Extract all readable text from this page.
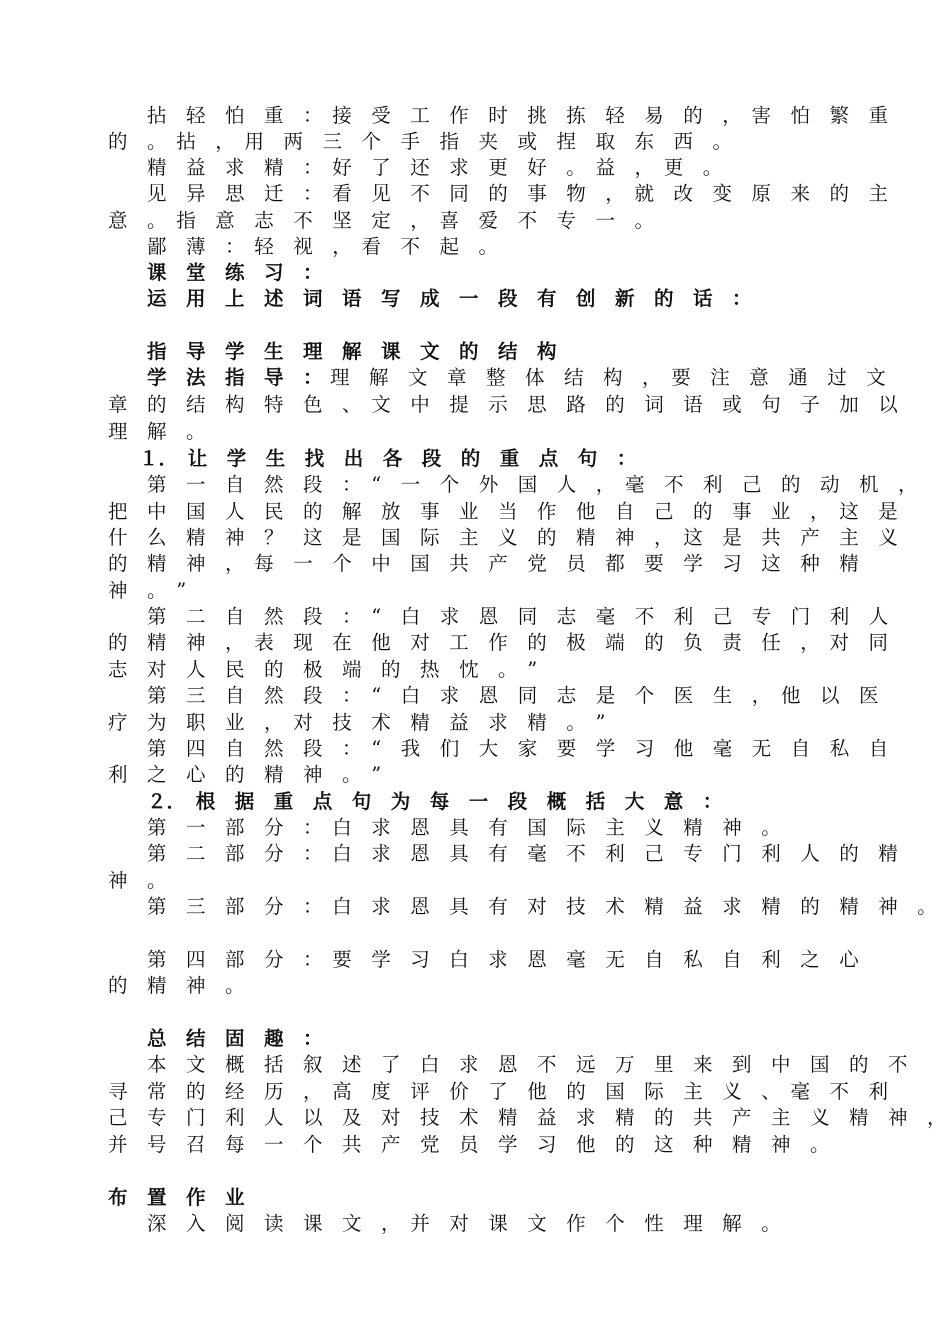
　　拈　轻　怕　重　：　接　受　工　作　时　挑　拣　轻　易　的　，　害　怕　繁　重
的　。　拈　，　用　两　三　个　手　指　夹　或　捏　取　东　西　。
　　精　益　求　精　：　好　了　还　求　更　好　。　益　，　更　。
　　见　异　思　迁　：　看　见　不　同　的　事　物　，　就　改　变　原　来　的　主
意　。　指　意　志　不　坚　定　，　喜　爱　不　专　一　。
　　鄙　薄　：　轻　视　，　看　不　起　。
　　课　堂　练　习　：
　　运　用　上　述　词　语　写　成　一　段　有　创　新　的　话　：
　　指　导　学　生　理　解　课　文　的　结　构
　　学　法　指　导　： 理　解　文　章　整　体　结　构　，　要　注　意　通　过　文
章　的　结　构　特　色　、　文　中　提　示　思　路　的　词　语　或　句　子　加　以
理　解　。
　　１．　让　学　生　找　出　各　段　的　重　点　句　：
　　第　一　自　然　段　：　“　一　个　外　国　人　，　毫　不　利　己　的　动　机　，
把　中　国　人　民　的　解　放　事　业　当　作　他　自　己　的　事　业　，　这　是
什　么　精　神　？　这　是　国　际　主　义　的　精　神　，　这　是　共　产　主　义
的　精　神　，　每　一　个　中　国　共　产　党　员　都　要　学　习　这　种　精
神　。　”
　　第　二　自　然　段　：　“　白　求　恩　同　志　毫　不　利　己　专　门　利　人
的　精　神　，　表　现　在　他　对　工　作　的　极　端　的　负　责　任　，　对　同
志　对　人　民　的　极　端　的　热　忱　。　”
　　第　三　自　然　段　：　“　白　求　恩　同　志　是　个　医　生　，　他　以　医
疗　为　职　业　，　对　技　术　精　益　求　精　。　”
　　第　四　自　然　段　：　“　我　们　大　家　要　学　习　他　毫　无　自　私　自
利　之　心　的　精　神　。　”
　　２．　根　据　重　点　句　为　每　一　段　概　括　大　意　：
　　第　一　部　分　：　白　求　恩　具　有　国　际　主　义　精　神　。
　　第　二　部　分　：　白　求　恩　具　有　毫　不　利　己　专　门　利　人　的　精
神　。
　　第　三　部　分　：　白　求　恩　具　有　对　技　术　精　益　求　精　的　精　神　。
　　第　四　部　分　：　要　学　习　白　求　恩　毫　无　自　私　自　利　之　心
的　精　神　。
　　总　结　固　趣　：
　　本　文　概　括　叙　述　了　白　求　恩　不　远　万　里　来　到　中　国　的　不
寻　常　的　经　历　，　高　度　评　价　了　他　的　国　际　主　义　、　毫　不　利
己　专　门　利　人　以　及　对　技　术　精　益　求　精　的　共　产　主　义　精　神　，
并　号　召　每　一　个　共　产　党　员　学　习　他　的　这　种　精　神　。
布　置　作　业
　　深　入　阅　读　课　文　，　并　对　课　文　作　个　性　理　解　。
